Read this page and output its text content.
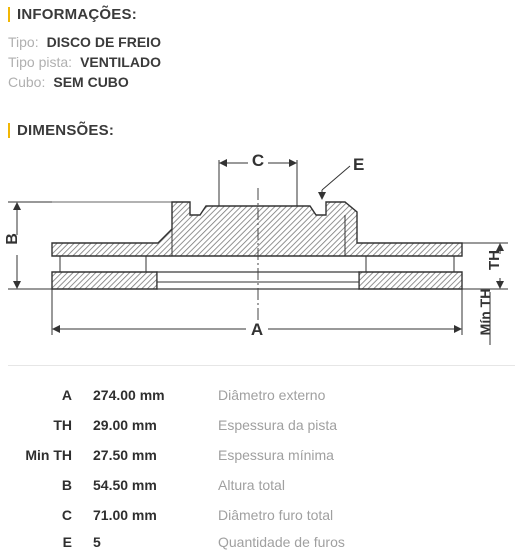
INFORMAÇÕES:
Tipo: DISCO DE FREIO
Tipo pista: VENTILADO
Cubo: SEM CUBO
DIMENSÕES:
C	E
B
A
TH
Mín TH
A 274.00 mm	Diâmetro externo
TH 29.00 mm	Espessura da pista
Min TH 27.50 mm	Espessura mínima
B 54.50 mm	Altura total
C 71.00 mm	Diâmetro furo total
E 5	Quantidade de furos
